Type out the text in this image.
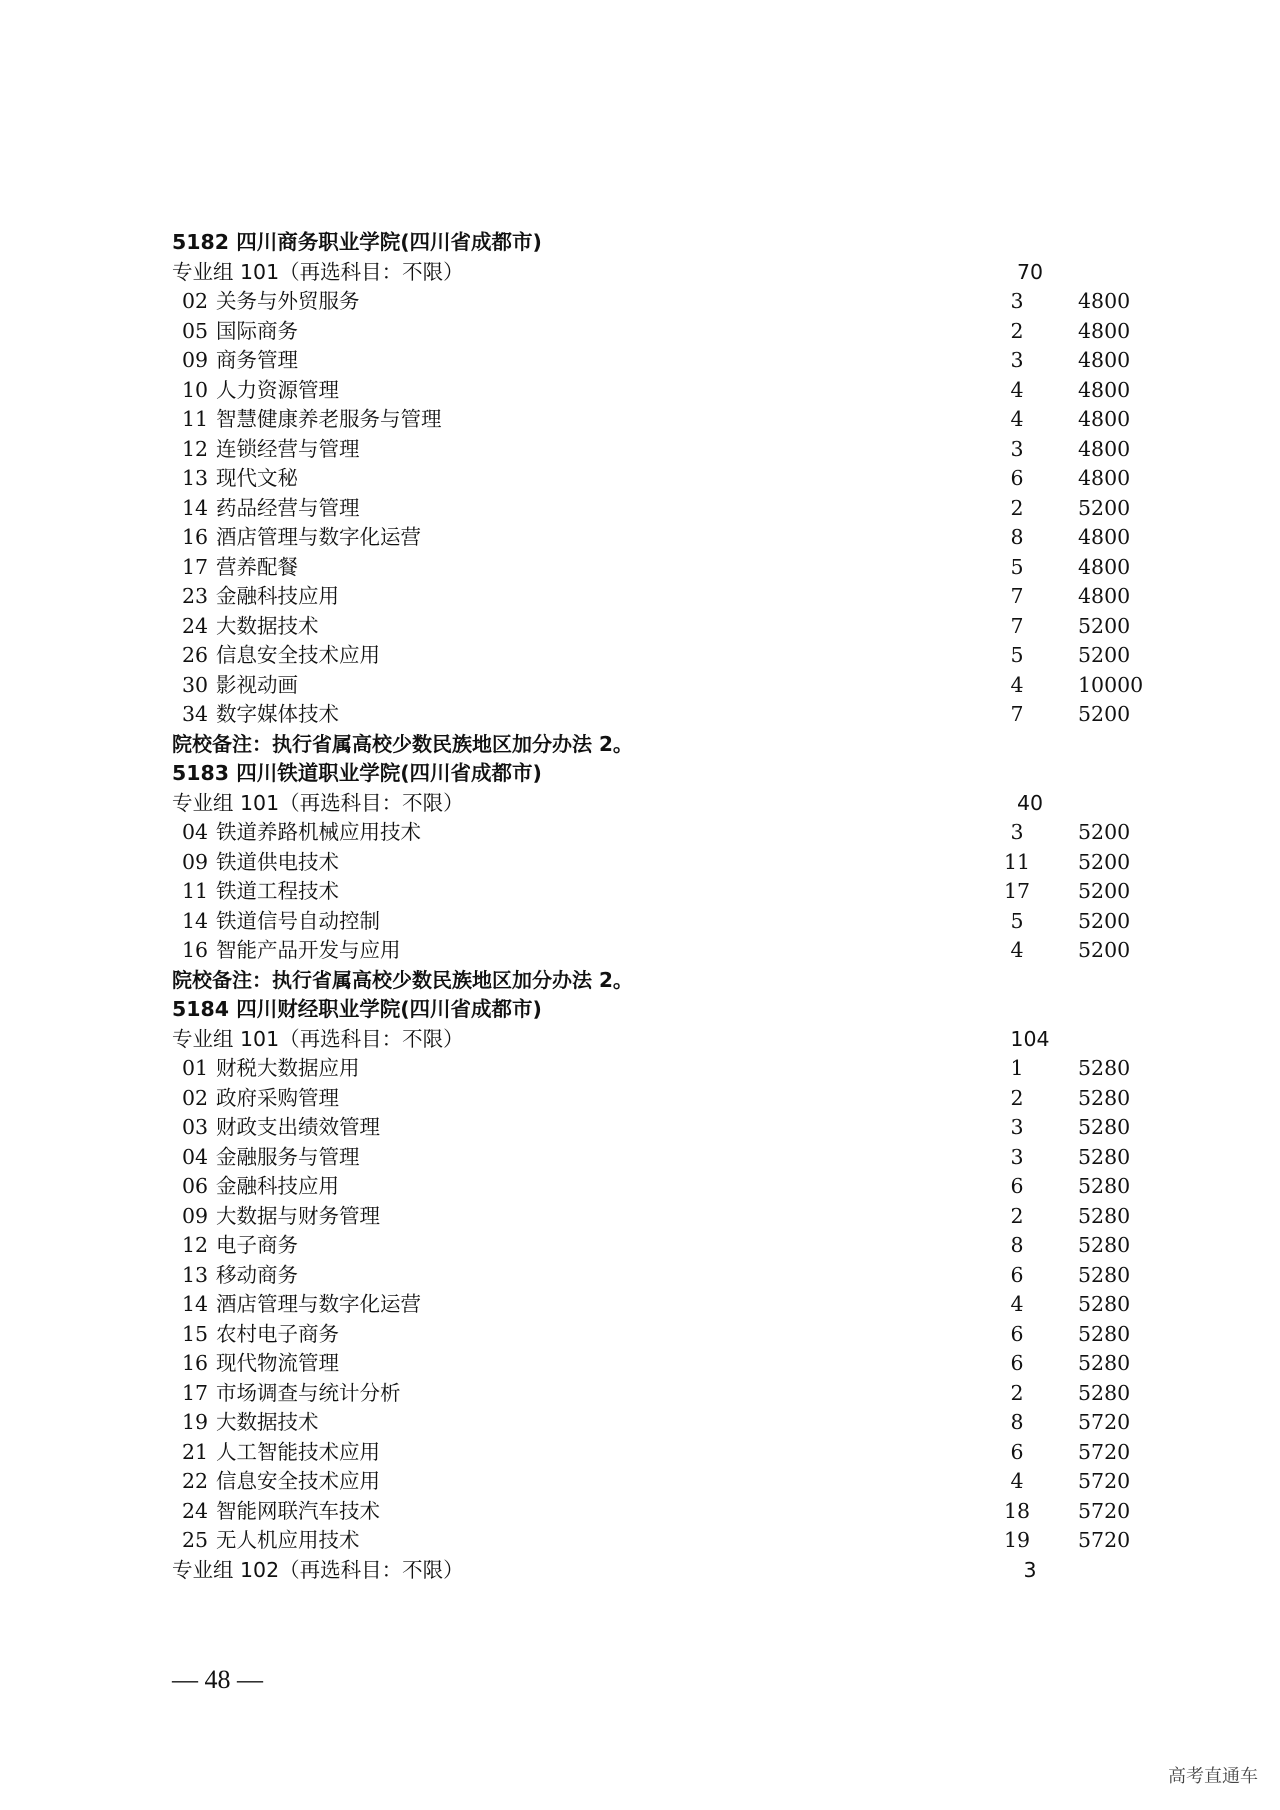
5182 四川商务职业学院(四川省成都市)
专业组 101（再选科目：不限）	70
02 关务与外贸服务	3	4800
05 国际商务	2	4800
09 商务管理	3	4800
10 人力资源管理	4	4800
11 智慧健康养老服务与管理	4	4800
12 连锁经营与管理	3	4800
13 现代文秘	6	4800
14 药品经营与管理	2	5200
16 酒店管理与数字化运营	8	4800
17 营养配餐	5	4800
23 金融科技应用	7	4800
24 大数据技术	7	5200
26 信息安全技术应用	5	5200
30 影视动画	4	10000
34 数字媒体技术	7	5200
院校备注：执行省属高校少数民族地区加分办法 2。
5183 四川铁道职业学院(四川省成都市)
专业组 101（再选科目：不限）	40
04 铁道养路机械应用技术	3	5200
09 铁道供电技术	11	5200
11 铁道工程技术	17	5200
14 铁道信号自动控制	5	5200
16 智能产品开发与应用	4	5200
院校备注：执行省属高校少数民族地区加分办法 2。
5184 四川财经职业学院(四川省成都市)
专业组 101（再选科目：不限）	104
01 财税大数据应用	1	5280
02 政府采购管理	2	5280
03 财政支出绩效管理	3	5280
04 金融服务与管理	3	5280
06 金融科技应用	6	5280
09 大数据与财务管理	2	5280
12 电子商务	8	5280
13 移动商务	6	5280
14 酒店管理与数字化运营	4	5280
15 农村电子商务	6	5280
16 现代物流管理	6	5280
17 市场调查与统计分析	2	5280
19 大数据技术	8	5720
21 人工智能技术应用	6	5720
22 信息安全技术应用	4	5720
24 智能网联汽车技术	18	5720
25 无人机应用技术	19	5720
专业组 102（再选科目：不限）	3
— 48 —
高考直通车
